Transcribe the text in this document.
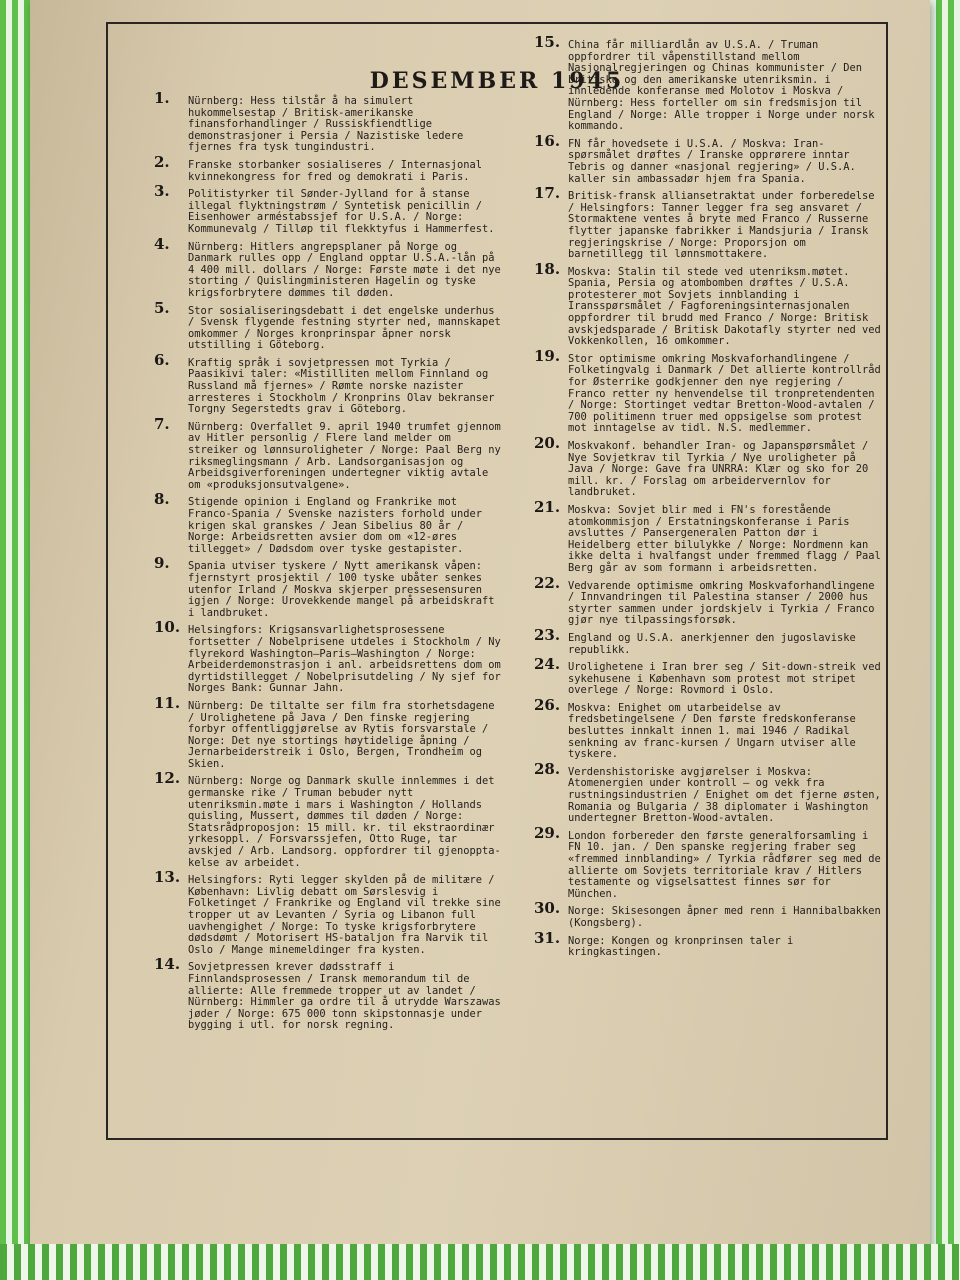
DESEMBER 1945
1.	Nürnberg: Hess tilstår å ha simulert hukommelsestap / Britisk-amerikanske finansforhandlinger / Russiskfiendtlige demonstrasjoner i Persia / Nazistiske ledere fjernes fra tysk tungindustri.
2.	Franske storbanker sosialiseres / Internasjonal kvinnekongress for fred og demokrati i Paris.
3.	Politistyrker til Sønder-Jylland for å stanse illegal flyktningstrøm / Syntetisk penicillin / Eisenhower arméstabssjef for U.S.A. / Norge: Kommunevalg / Tilløp til flekktyfus i Hammerfest.
4.	Nürnberg: Hitlers angrepsplaner på Norge og Danmark rulles opp / England opptar U.S.A.-lån på 4 400 mill. dollars / Norge: Første møte i det nye storting / Quislingministeren Hagelin og tyske krigsforbrytere dømmes til døden.
5.	Stor sosialiseringsdebatt i det engelske underhus / Svensk flygende festning styrter ned, mannskapet omkommer / Norges kronprinspar åpner norsk utstilling i Göteborg.
6.	Kraftig språk i sovjetpressen mot Tyrkia / Paasikivi taler: «Mistilliten mellom Finnland og Russland må fjernes» / Rømte norske nazister arresteres i Stockholm / Kronprins Olav bekranser Torgny Segerstedts grav i Göteborg.
7.	Nürnberg: Overfallet 9. april 1940 trumfet gjennom av Hitler personlig / Flere land melder om streiker og lønnsuroligheter / Norge: Paal Berg ny riksmeglingsmann / Arb. Landsorganisasjon og Arbeidsgiverforeningen undertegner viktig avtale om «produksjonsutvalgene».
8.	Stigende opinion i England og Frankrike mot Franco-Spania / Svenske nazisters forhold under krigen skal granskes / Jean Sibelius 80 år / Norge: Arbeidsretten avsier dom om «12-øres tillegget» / Dødsdom over tyske gestapister.
9.	Spania utviser tyskere / Nytt amerikansk våpen: fjernstyrt prosjektil / 100 tyske ubåter senkes utenfor Irland / Moskva skjerper pressesensuren igjen / Norge: Urovekkende mangel på arbeidskraft i landbruket.
10. Helsingfors: Krigsansvarlighetsprosessene fortsetter / Nobelprisene utdeles i Stockholm / Ny flyrekord Washington—Paris—Washington / Norge: Arbeiderdemonstrasjon i anl. arbeidsrettens dom om dyrtidstillegget / Nobelprisutdeling / Ny sjef for Norges Bank: Gunnar Jahn.
11. Nürnberg: De tiltalte ser film fra storhetsdagene / Urolighetene på Java / Den finske regjering forbyr offentliggjørelse av Rytis forsvarstale / Norge: Det nye stortings høytidelige åpning / Jernarbeiderstreik i Oslo, Bergen, Trondheim og Skien.
12. Nürnberg: Norge og Danmark skulle innlemmes i det germanske rike / Truman bebuder nytt utenriksmin.møte i mars i Washington / Hollands quisling, Mussert, dømmes til døden / Norge: Statsrådproposjon: 15 mill. kr. til ekstraordinær yrkesoppl. / Forsvarssjefen, Otto Ruge, tar avskjed / Arb. Landsorg. oppfordrer til gjenopptakelse av arbeidet.
13. Helsingfors: Ryti legger skylden på de militære / København: Livlig debatt om Sørslesvig i Folketinget / Frankrike og England vil trekke sine tropper ut av Levanten / Syria og Libanon full uavhengighet / Norge: To tyske krigsforbrytere dødsdømt / Motorisert HS-bataljon fra Narvik til Oslo / Mange minemeldinger fra kysten.
14. Sovjetpressen krever dødsstraff i Finnlandsprosessen / Iransk memorandum til de allierte: Alle fremmede tropper ut av landet / Nürnberg: Himmler ga ordre til å utrydde Warszawas jøder / Norge: 675 000 tonn skipstonnasje under bygging i utl. for norsk regning.
15. China får milliardlån av U.S.A. / Truman oppfordrer til våpenstillstand mellom Nasjonalregjeringen og Chinas kommunister / Den britiske og den amerikanske utenriksmin. i innledende konferanse med Molotov i Moskva / Nürnberg: Hess forteller om sin fredsmisjon til England / Norge: Alle tropper i Norge under norsk kommando.
16. FN får hovedsete i U.S.A. / Moskva: Iran-spørsmålet drøftes / Iranske opprørere inntar Tebris og danner «nasjonal regjering» / U.S.A. kaller sin ambassadør hjem fra Spania.
17. Britisk-fransk alliansetraktat under forberedelse / Helsingfors: Tanner legger fra seg ansvaret / Stormaktene ventes å bryte med Franco / Russerne flytter japanske fabrikker i Mandsjuria / Iransk regjeringskrise / Norge: Proporsjon om barnetillegg til lønnsmottakere.
18. Moskva: Stalin til stede ved utenriksm.møtet. Spania, Persia og atombomben drøftes / U.S.A. protesterer mot Sovjets innblanding i Iransspørsmålet / Fagforeningsinternasjonalen oppfordrer til brudd med Franco / Norge: Britisk avskjedsparade / Britisk Dakotafly styrter ned ved Vokkenkollen, 16 omkommer.
19. Stor optimisme omkring Moskvaforhandlingene / Folketingvalg i Danmark / Det allierte kontrollråd for Østerrike godkjenner den nye regjering / Franco retter ny henvendelse til tronpretendenten / Norge: Stortinget vedtar Bretton-Wood-avtalen / 700 politimenn truer med oppsigelse som protest mot inntagelse av tidl. N.S. medlemmer.
20. Moskvakonf. behandler Iran- og Japanspørsmålet / Nye Sovjetkrav til Tyrkia / Nye uroligheter på Java / Norge: Gave fra UNRRA: Klær og sko for 20 mill. kr. / Forslag om arbeidervernlov for landbruket.
21. Moskva: Sovjet blir med i FN's forestående atomkommisjon / Erstatningskonferanse i Paris avsluttes / Pansergeneralen Patton dør i Heidelberg etter bilulykke / Norge: Nordmenn kan ikke delta i hvalfangst under fremmed flagg / Paal Berg går av som formann i arbeidsretten.
22. Vedvarende optimisme omkring Moskvaforhandlingene / Innvandringen til Palestina stanser / 2000 hus styrter sammen under jordskjelv i Tyrkia / Franco gjør nye tilpassingsforsøk.
23. England og U.S.A. anerkjenner den jugoslaviske republikk.
24. Urolighetene i Iran brer seg / Sit-down-streik ved sykehusene i København som protest mot stripet overlege / Norge: Rovmord i Oslo.
26. Moskva: Enighet om utarbeidelse av fredsbetingelsene / Den første fredskonferanse besluttes innkalt innen 1. mai 1946 / Radikal senkning av franc-kursen / Ungarn utviser alle tyskere.
28. Verdenshistoriske avgjørelser i Moskva: Atomenergien under kontroll — og vekk fra rustningsindustrien / Enighet om det fjerne østen, Romania og Bulgaria / 38 diplomater i Washington undertegner Bretton-Wood-avtalen.
29. London forbereder den første generalforsamling i FN 10. jan. / Den spanske regjering fraber seg «fremmed innblanding» / Tyrkia rådfører seg med de allierte om Sovjets territoriale krav / Hitlers testamente og vigselsattest finnes sør for München.
30. Norge: Skisesongen åpner med renn i Hannibalbakken (Kongsberg).
31. Norge: Kongen og kronprinsen taler i kringkastingen.
